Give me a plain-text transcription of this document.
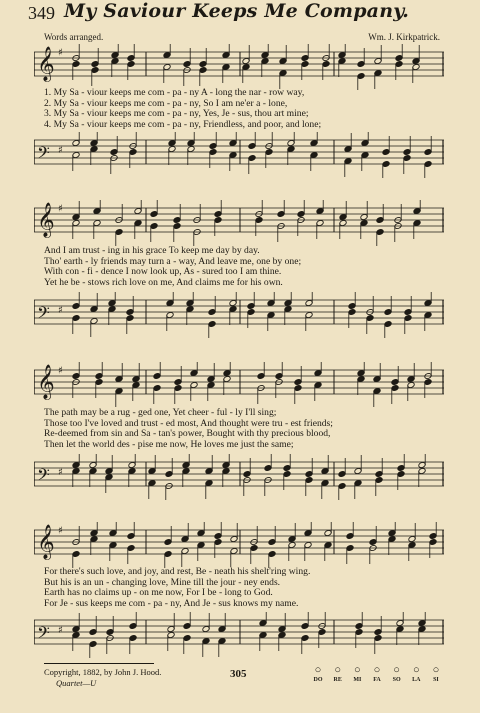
349 My Saviour Keeps Me Company.
Words arranged.	Wm. J. Kirkpatrick.
𝄞 ♯
1. My Sa - viour keeps me com - pa - ny A - long the nar - row way,
2. My Sa - viour keeps me com - pa - ny, So I am ne'er a - lone,
3. My Sa - viour keeps me com - pa - ny, Yes, Je - sus, thou art mine;
4. My Sa - viour keeps me com - pa - ny, Friendless, and poor, and lone;
𝄢 ♯
𝄞 ♯
And I am trust - ing in his grace To keep me day by day.
Tho' earth - ly friends may turn a - way, And leave me, one by one;
With con - fi - dence I now look up, As - sured too I am thine.
Yet he be - stows rich love on me, And claims me for his own.
𝄢 ♯
𝄞 ♯
The path may be a rug - ged one, Yet cheer - ful - ly I'll sing;
Those too I've loved and trust - ed most, And thought were tru - est friends;
Re-deemed from sin and Sa - tan's power, Bought with thy precious blood,
Then let the world des - pise me now, He loves me just the same;
𝄢 ♯
𝄞 ♯
For there's such love, and joy, and rest, Be - neath his shelt'ring wing.
But his is an un - changing love, Mine till the jour - ney ends.
Earth has no claims up - on me now, For I be - long to God.
For Je - sus keeps me com - pa - ny, And Je - sus knows my name.
𝄢 ♯
Copyright, 1882, by John J. Hood.
Quartet—U
305	○	○	○	○	○	○	○
DO	RE	MI	FA	SO	LA	SI
